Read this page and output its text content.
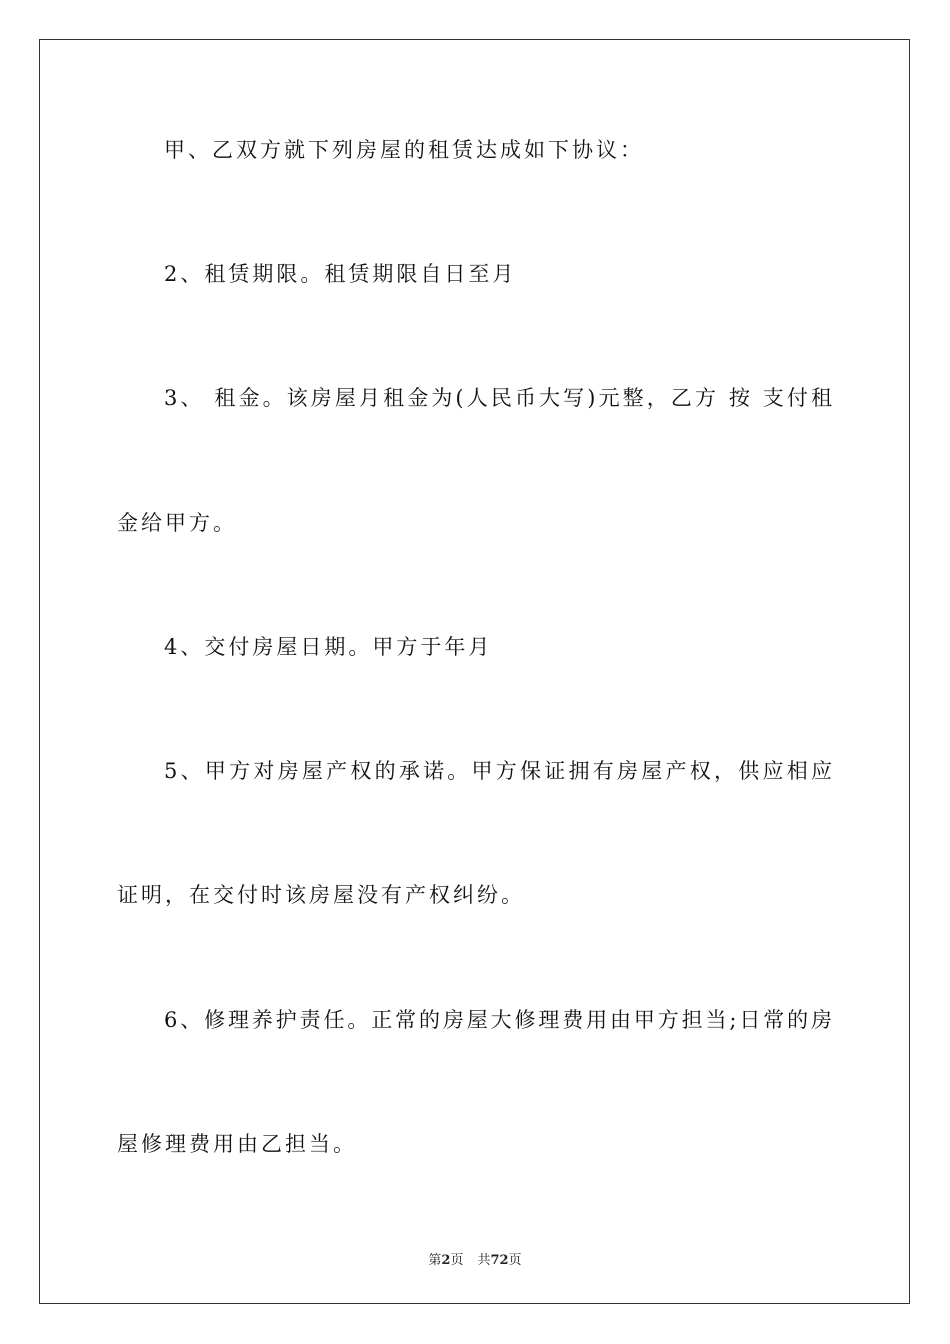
甲、乙双方就下列房屋的租赁达成如下协议：
2、租赁期限。租赁期限自日至月
3、 租金。该房屋月租金为(人民币大写)元整，乙方 按 支付租
金给甲方。
4、交付房屋日期。甲方于年月
5、甲方对房屋产权的承诺。甲方保证拥有房屋产权，供应相应
证明，在交付时该房屋没有产权纠纷。
6、修理养护责任。正常的房屋大修理费用由甲方担当;日常的房
屋修理费用由乙担当。
第2页 共72页
